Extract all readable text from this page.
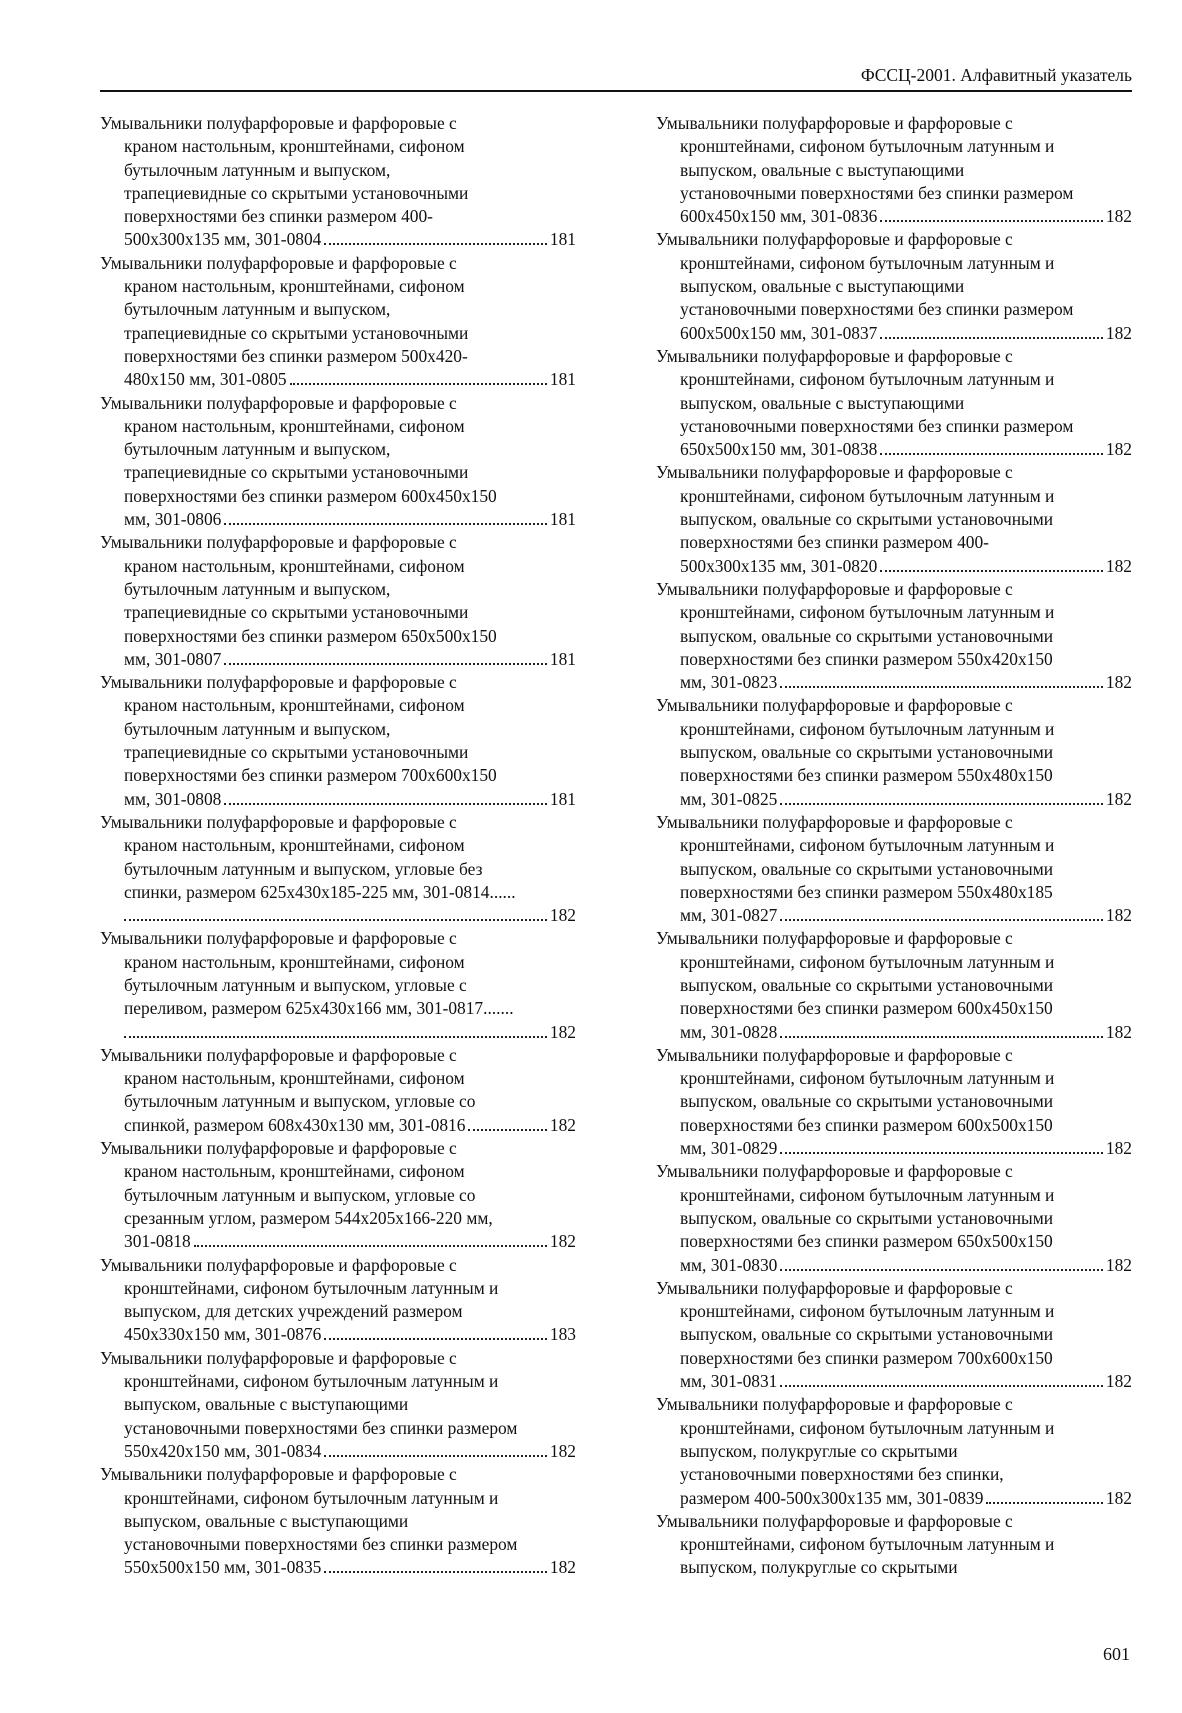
ФССЦ-2001. Алфавитный указатель
Умывальники полуфарфоровые и фарфоровые с
краном настольным, кронштейнами, сифоном
бутылочным латунным и выпуском,
трапециевидные со скрытыми установочными
поверхностями без спинки размером 400-
500x300x135 мм, 301-0804	181
Умывальники полуфарфоровые и фарфоровые с
краном настольным, кронштейнами, сифоном
бутылочным латунным и выпуском,
трапециевидные со скрытыми установочными
поверхностями без спинки размером 500x420-
480x150 мм, 301-0805	181
Умывальники полуфарфоровые и фарфоровые с
краном настольным, кронштейнами, сифоном
бутылочным латунным и выпуском,
трапециевидные со скрытыми установочными
поверхностями без спинки размером 600x450x150
мм, 301-0806	181
Умывальники полуфарфоровые и фарфоровые с
краном настольным, кронштейнами, сифоном
бутылочным латунным и выпуском,
трапециевидные со скрытыми установочными
поверхностями без спинки размером 650x500x150
мм, 301-0807	181
Умывальники полуфарфоровые и фарфоровые с
краном настольным, кронштейнами, сифоном
бутылочным латунным и выпуском,
трапециевидные со скрытыми установочными
поверхностями без спинки размером 700x600x150
мм, 301-0808	181
Умывальники полуфарфоровые и фарфоровые с
краном настольным, кронштейнами, сифоном
бутылочным латунным и выпуском, угловые без
спинки, размером 625x430x185-225 мм, 301-0814......
182
Умывальники полуфарфоровые и фарфоровые с
краном настольным, кронштейнами, сифоном
бутылочным латунным и выпуском, угловые с
переливом, размером 625x430x166 мм, 301-0817.......
182
Умывальники полуфарфоровые и фарфоровые с
краном настольным, кронштейнами, сифоном
бутылочным латунным и выпуском, угловые со
спинкой, размером 608x430x130 мм, 301-0816	182
Умывальники полуфарфоровые и фарфоровые с
краном настольным, кронштейнами, сифоном
бутылочным латунным и выпуском, угловые со
срезанным углом, размером 544x205x166-220 мм,
301-0818	182
Умывальники полуфарфоровые и фарфоровые с
кронштейнами, сифоном бутылочным латунным и
выпуском, для детских учреждений размером
450x330x150 мм, 301-0876	183
Умывальники полуфарфоровые и фарфоровые с
кронштейнами, сифоном бутылочным латунным и
выпуском, овальные с выступающими
установочными поверхностями без спинки размером
550x420x150 мм, 301-0834	182
Умывальники полуфарфоровые и фарфоровые с
кронштейнами, сифоном бутылочным латунным и
выпуском, овальные с выступающими
установочными поверхностями без спинки размером
550x500x150 мм, 301-0835	182
Умывальники полуфарфоровые и фарфоровые с
кронштейнами, сифоном бутылочным латунным и
выпуском, овальные с выступающими
установочными поверхностями без спинки размером
600x450x150 мм, 301-0836	182
Умывальники полуфарфоровые и фарфоровые с
кронштейнами, сифоном бутылочным латунным и
выпуском, овальные с выступающими
установочными поверхностями без спинки размером
600x500x150 мм, 301-0837	182
Умывальники полуфарфоровые и фарфоровые с
кронштейнами, сифоном бутылочным латунным и
выпуском, овальные с выступающими
установочными поверхностями без спинки размером
650x500x150 мм, 301-0838	182
Умывальники полуфарфоровые и фарфоровые с
кронштейнами, сифоном бутылочным латунным и
выпуском, овальные со скрытыми установочными
поверхностями без спинки размером 400-
500x300x135 мм, 301-0820	182
Умывальники полуфарфоровые и фарфоровые с
кронштейнами, сифоном бутылочным латунным и
выпуском, овальные со скрытыми установочными
поверхностями без спинки размером 550x420x150
мм, 301-0823	182
Умывальники полуфарфоровые и фарфоровые с
кронштейнами, сифоном бутылочным латунным и
выпуском, овальные со скрытыми установочными
поверхностями без спинки размером 550x480x150
мм, 301-0825	182
Умывальники полуфарфоровые и фарфоровые с
кронштейнами, сифоном бутылочным латунным и
выпуском, овальные со скрытыми установочными
поверхностями без спинки размером 550x480x185
мм, 301-0827	182
Умывальники полуфарфоровые и фарфоровые с
кронштейнами, сифоном бутылочным латунным и
выпуском, овальные со скрытыми установочными
поверхностями без спинки размером 600x450x150
мм, 301-0828	182
Умывальники полуфарфоровые и фарфоровые с
кронштейнами, сифоном бутылочным латунным и
выпуском, овальные со скрытыми установочными
поверхностями без спинки размером 600x500x150
мм, 301-0829	182
Умывальники полуфарфоровые и фарфоровые с
кронштейнами, сифоном бутылочным латунным и
выпуском, овальные со скрытыми установочными
поверхностями без спинки размером 650x500x150
мм, 301-0830	182
Умывальники полуфарфоровые и фарфоровые с
кронштейнами, сифоном бутылочным латунным и
выпуском, овальные со скрытыми установочными
поверхностями без спинки размером 700x600x150
мм, 301-0831	182
Умывальники полуфарфоровые и фарфоровые с
кронштейнами, сифоном бутылочным латунным и
выпуском, полукруглые со скрытыми
установочными поверхностями без спинки,
размером 400-500x300x135 мм, 301-0839	182
Умывальники полуфарфоровые и фарфоровые с
кронштейнами, сифоном бутылочным латунным и
выпуском, полукруглые со скрытыми
601
